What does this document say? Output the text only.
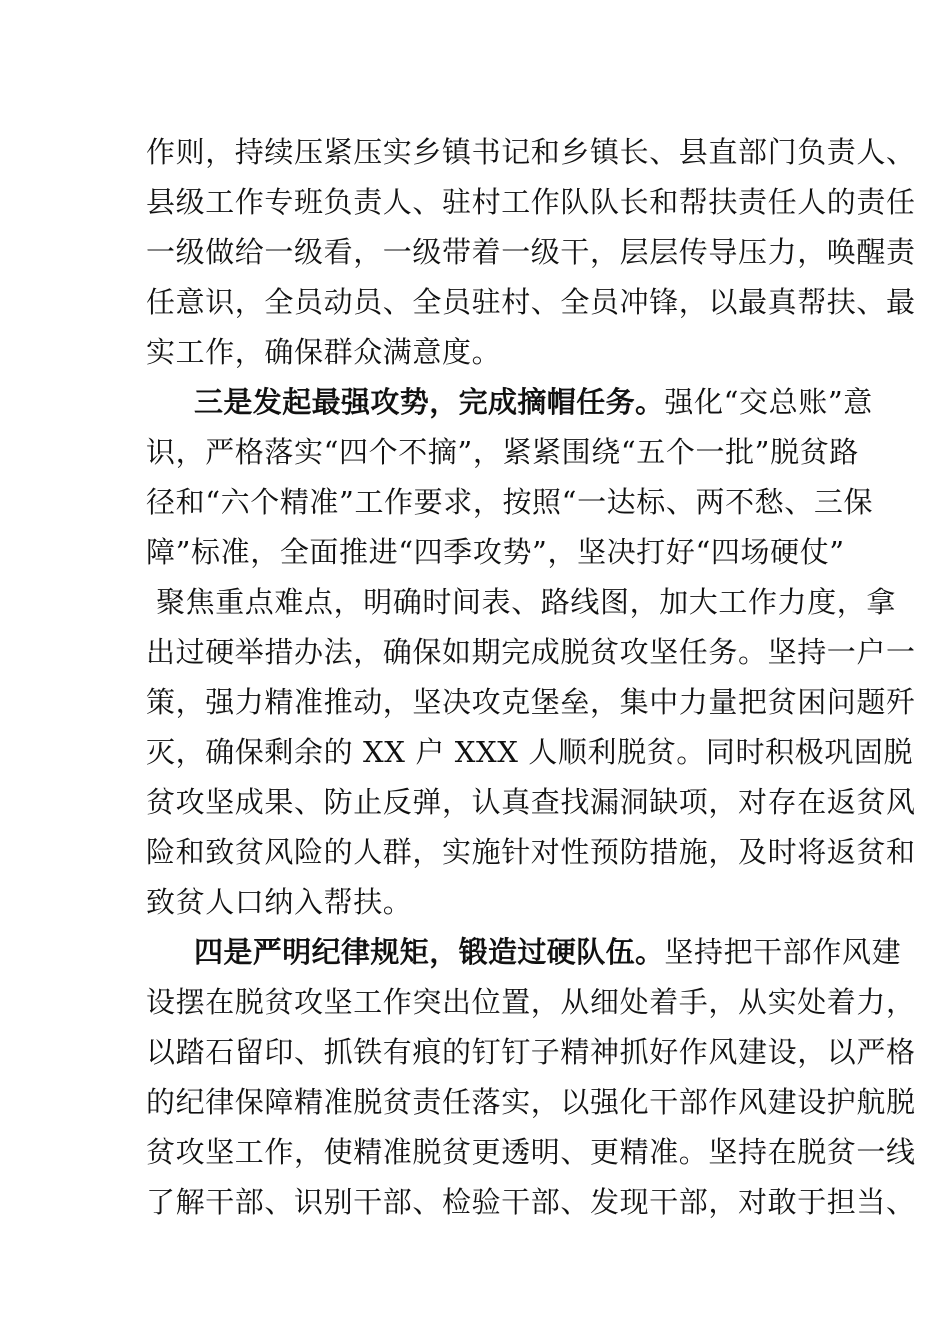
作则，持续压紧压实乡镇书记和乡镇长、县直部门负责人、
县级工作专班负责人、驻村工作队队长和帮扶责任人的责任
一级做给一级看，一级带着一级干，层层传导压力，唤醒责
任意识，全员动员、全员驻村、全员冲锋，以最真帮扶、最
实工作，确保群众满意度。
三是发起最强攻势，完成摘帽任务。强化“交总账”意
识，严格落实“四个不摘”，紧紧围绕“五个一批”脱贫路
径和“六个精准”工作要求，按照“一达标、两不愁、三保
障”标准，全面推进“四季攻势”，坚决打好“四场硬仗”
聚焦重点难点，明确时间表、路线图，加大工作力度，拿
出过硬举措办法，确保如期完成脱贫攻坚任务。坚持一户一
策，强力精准推动，坚决攻克堡垒，集中力量把贫困问题歼
灭，确保剩余的 XX 户 XXX 人顺利脱贫。同时积极巩固脱
贫攻坚成果、防止反弹，认真查找漏洞缺项，对存在返贫风
险和致贫风险的人群，实施针对性预防措施，及时将返贫和
致贫人口纳入帮扶。
四是严明纪律规矩，锻造过硬队伍。坚持把干部作风建
设摆在脱贫攻坚工作突出位置，从细处着手，从实处着力，
以踏石留印、抓铁有痕的钉钉子精神抓好作风建设，以严格
的纪律保障精准脱贫责任落实，以强化干部作风建设护航脱
贫攻坚工作，使精准脱贫更透明、更精准。坚持在脱贫一线
了解干部、识别干部、检验干部、发现干部，对敢于担当、
